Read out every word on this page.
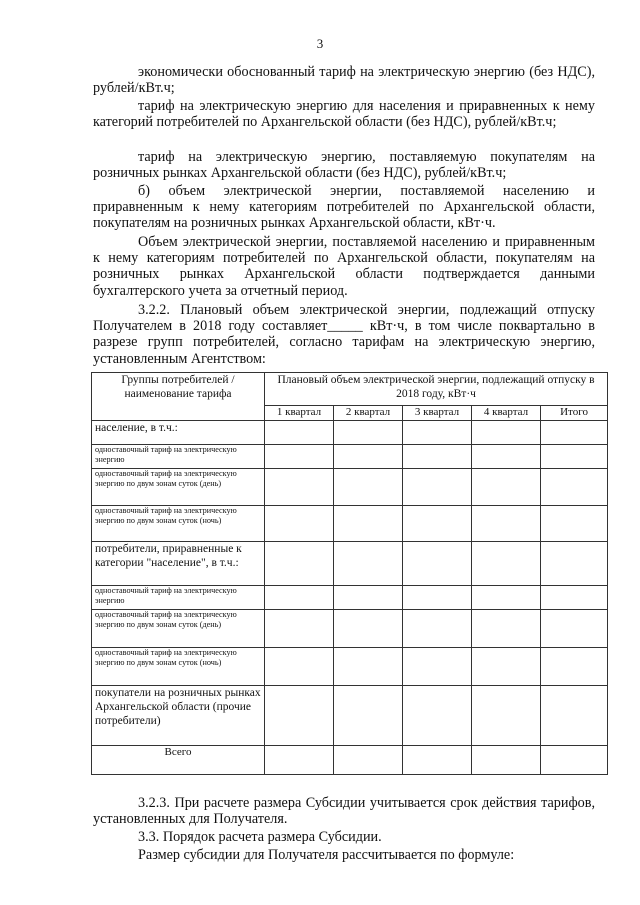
3

экономически обоснованный тариф на электрическую энергию (без НДС), рублей/кВт.ч;

тариф на электрическую энергию для населения и приравненных к нему категорий потребителей по Архангельской области (без НДС), рублей/кВт.ч;

тариф на электрическую энергию, поставляемую покупателям на розничных рынках Архангельской области (без НДС), рублей/кВт.ч;

б) объем электрической энергии, поставляемой населению и приравненным к нему категориям потребителей по Архангельской области, покупателям на розничных рынках Архангельской области, кВт·ч.

Объем электрической энергии, поставляемой населению и приравненным к нему категориям потребителей по Архангельской области, покупателям на розничных рынках Архангельской области подтверждается данными бухгалтерского учета за отчетный период.

3.2.2. Плановый объем электрической энергии, подлежащий отпуску Получателем в 2018 году составляет_____ кВт·ч, в том числе поквартально в разрезе групп потребителей, согласно тарифам на электрическую энергию, установленным Агентством:

Группы потребителей / наименование тарифа	Плановый объем электрической энергии, подлежащий отпуску в 2018 году, кВт·ч				
	1 квартал	2 квартал	3 квартал	4 квартал	Итого
население, в т.ч.:					
одноставочный тариф на электрическую энергию					
одноставочный тариф на электрическую энергию по двум зонам суток (день)					
одноставочный тариф на электрическую энергию по двум зонам суток (ночь)					
потребители, приравненные к категории "население", в т.ч.:					
одноставочный тариф на электрическую энергию					
одноставочный тариф на электрическую энергию по двум зонам суток (день)					
одноставочный тариф на электрическую энергию по двум зонам суток (ночь)					
покупатели на розничных рынках Архангельской области (прочие потребители)					
Всего					

3.2.3. При расчете размера Субсидии учитывается срок действия тарифов, установленных для Получателя.

3.3. Порядок расчета размера Субсидии.

Размер субсидии для Получателя рассчитывается по формуле:
